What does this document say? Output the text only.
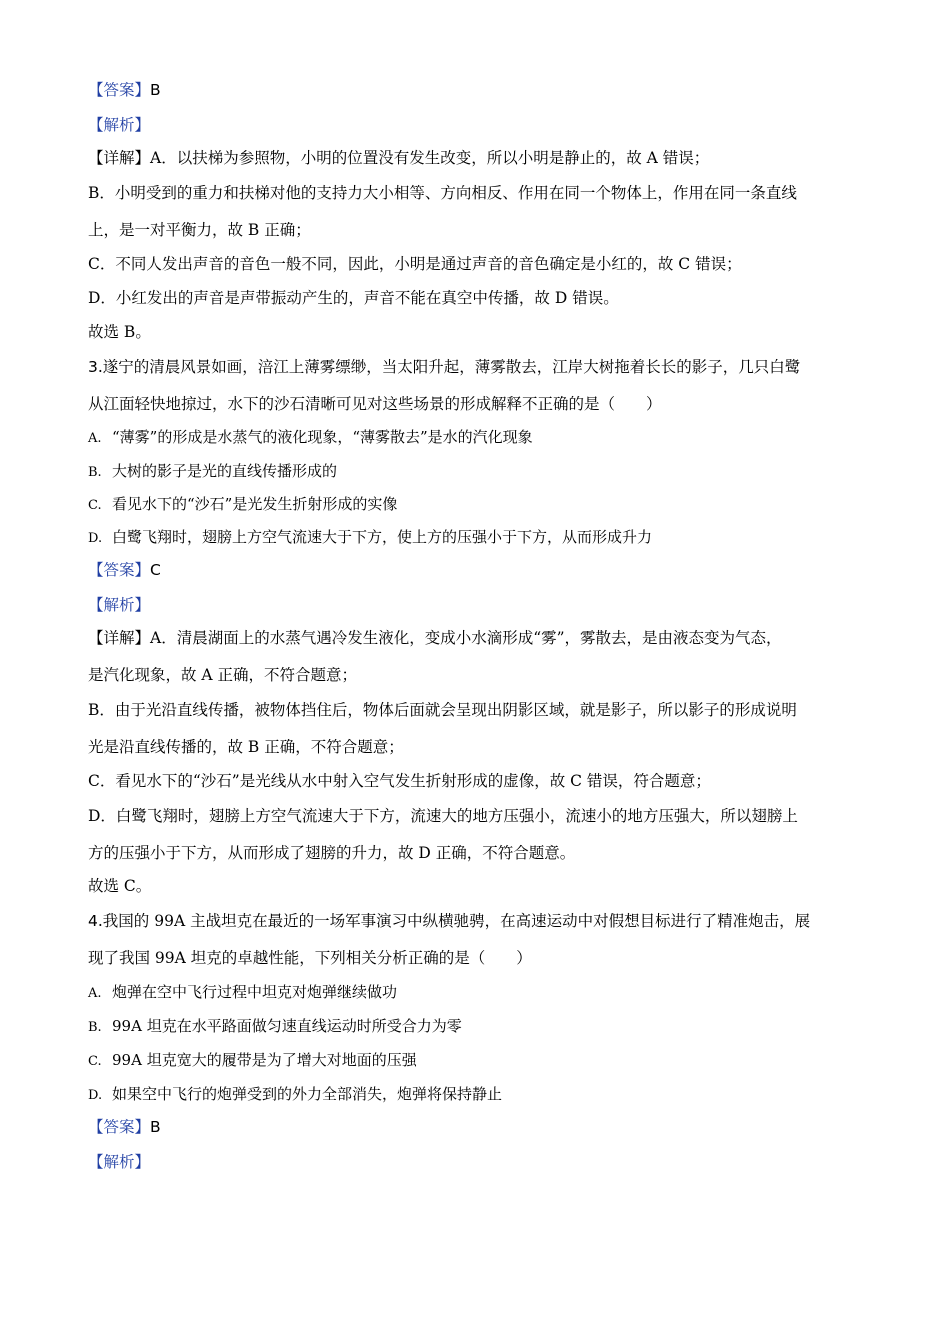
【答案】B
【解析】
【详解】A．以扶梯为参照物，小明的位置没有发生改变，所以小明是静止的，故 A 错误；
B．小明受到的重力和扶梯对他的支持力大小相等、方向相反、作用在同一个物体上，作用在同一条直线
上，是一对平衡力，故 B 正确；
C．不同人发出声音的音色一般不同，因此，小明是通过声音的音色确定是小红的，故 C 错误；
D．小红发出的声音是声带振动产生的，声音不能在真空中传播，故 D 错误。
故选 B。
3.遂宁的清晨风景如画，涪江上薄雾缥缈，当太阳升起，薄雾散去，江岸大树拖着长长的影子，几只白鹭
从江面轻快地掠过，水下的沙石清晰可见对这些场景的形成解释不正确的是（　　）
A. “薄雾”的形成是水蒸气的液化现象，“薄雾散去”是水的汽化现象
B. 大树的影子是光的直线传播形成的
C. 看见水下的“沙石”是光发生折射形成的实像
D. 白鹭飞翔时，翅膀上方空气流速大于下方，使上方的压强小于下方，从而形成升力
【答案】C
【解析】
【详解】A．清晨湖面上的水蒸气遇冷发生液化，变成小水滴形成“雾”，雾散去，是由液态变为气态，
是汽化现象，故 A 正确，不符合题意；
B．由于光沿直线传播，被物体挡住后，物体后面就会呈现出阴影区域，就是影子，所以影子的形成说明
光是沿直线传播的，故 B 正确，不符合题意；
C．看见水下的“沙石”是光线从水中射入空气发生折射形成的虚像，故 C 错误，符合题意；
D．白鹭飞翔时，翅膀上方空气流速大于下方，流速大的地方压强小，流速小的地方压强大，所以翅膀上
方的压强小于下方，从而形成了翅膀的升力，故 D 正确，不符合题意。
故选 C。
4.我国的 99A 主战坦克在最近的一场军事演习中纵横驰骋，在高速运动中对假想目标进行了精准炮击，展
现了我国 99A 坦克的卓越性能，下列相关分析正确的是（　　）
A. 炮弹在空中飞行过程中坦克对炮弹继续做功
B. 99A 坦克在水平路面做匀速直线运动时所受合力为零
C. 99A 坦克宽大的履带是为了增大对地面的压强
D. 如果空中飞行的炮弹受到的外力全部消失，炮弹将保持静止
【答案】B
【解析】
